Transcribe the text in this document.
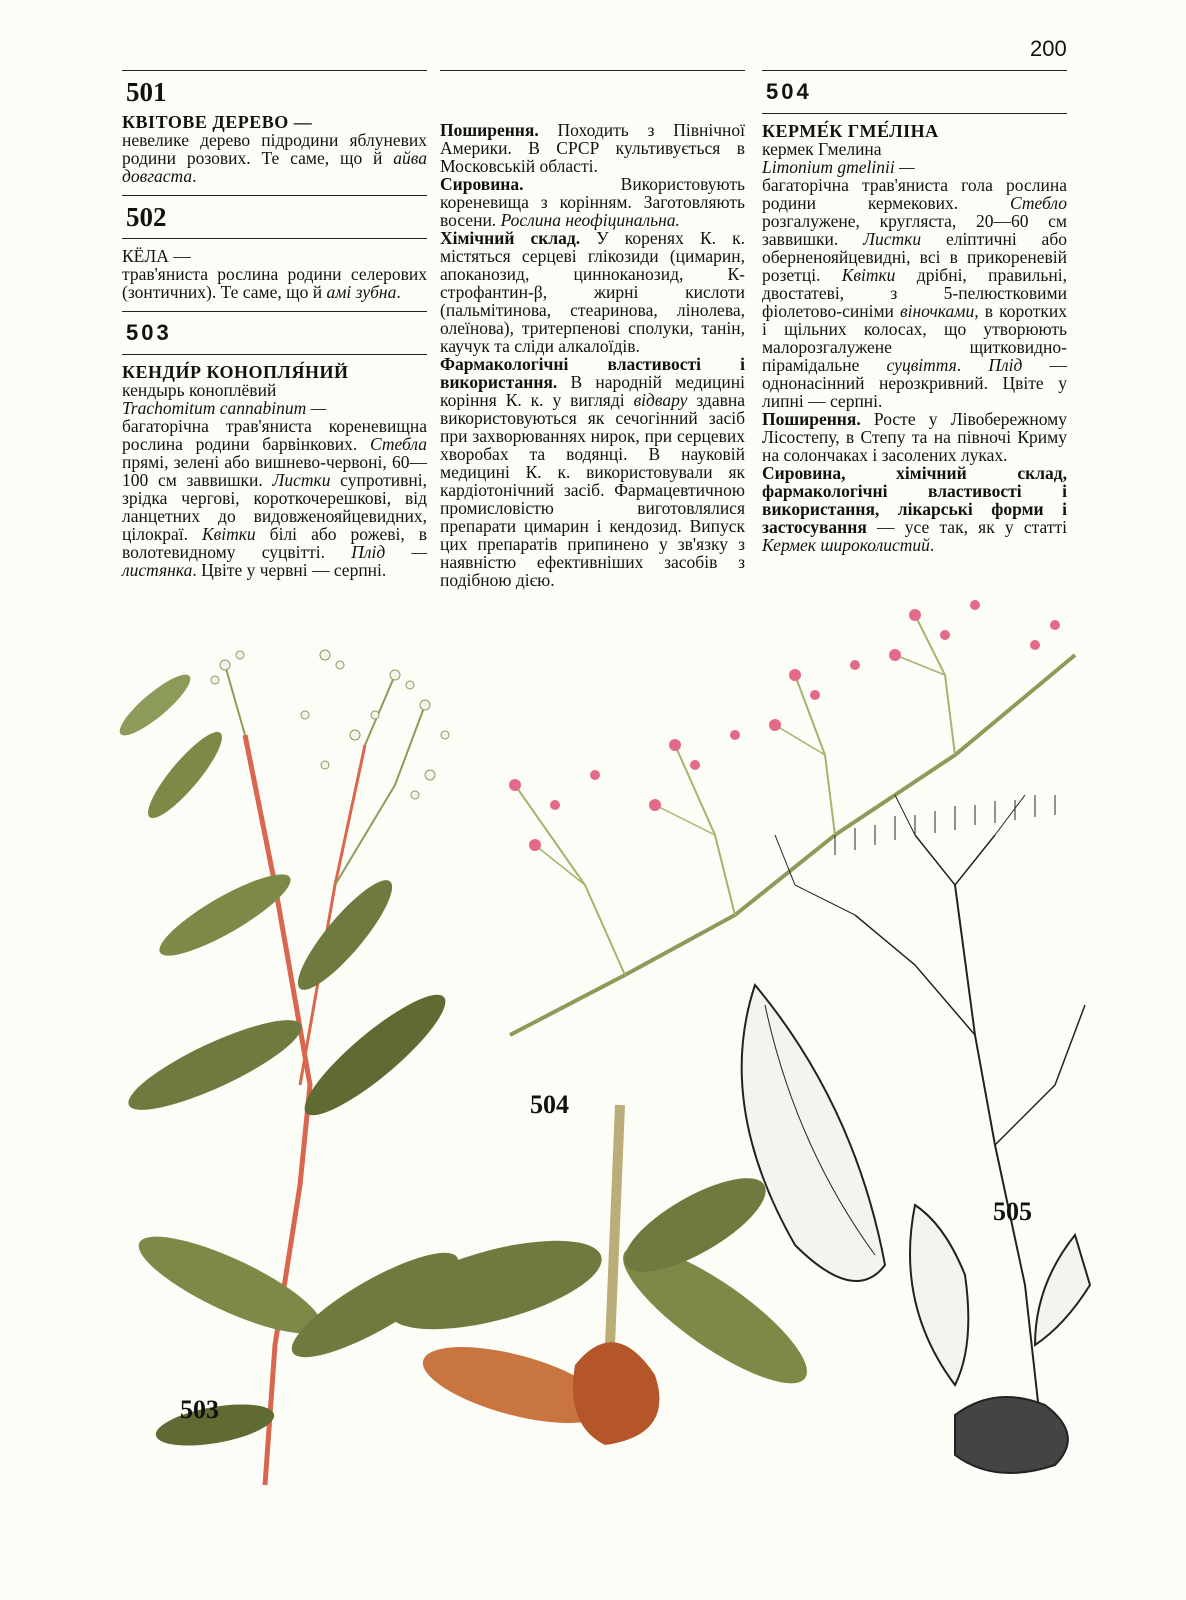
200
501

КВІТОВЕ ДЕРЕВО —

невелике дерево підродини яблуневих родини розових. Те саме, що й айва довгаста.

502

КЁЛА —

трав'яниста рослина родини селерових (зонтичних). Те саме, що й амі зубна.

503

КЕНДИ́Р КОНОПЛЯ́НИЙ

кендырь коноплёвий

Trachomitum cannabinum —

багаторічна трав'яниста кореневищна рослина родини барвінкових. Стебла прямі, зелені або вишнево-червоні, 60—100 см заввишки. Листки супротивні, зрідка чергові, короткочерешкові, від ланцетних до видовженояйцевидних, цілокраї. Квітки білі або рожеві, в волотевидному суцвітті. Плід — листянка. Цвіте у червні — серпні.

Поширення. Походить з Північної Америки. В СРСР культивується в Московській області.

Сировина. Використовують кореневища з корінням. Заготовляють восени. Рослина неофіцинальна.

Хімічний склад. У коренях К. к. містяться серцеві глікозиди (цимарин, апоканозид, цинноканозид, К-строфантин-β, жирні кислоти (пальмітинова, стеаринова, лінолева, олеїнова), тритерпенові сполуки, танін, каучук та сліди алкалоїдів.

Фармакологічні властивості і використання. В народній медицині коріння К. к. у вигляді відвару здавна використовуються як сечогінний засіб при захворюваннях нирок, при серцевих хворобах та водянці. В науковій медицині К. к. використовували як кардіотонічний засіб. Фармацевтичною промисловістю виготовлялися препарати цимарин і кендозид. Випуск цих препаратів припинено у зв'язку з наявністю ефективніших засобів з подібною дією.

504

КЕРМЕ́К ГМЕ́ЛІНА

кермек Гмелина

Limonium gmelinii —

багаторічна трав'яниста гола рослина родини кермекових. Стебло розгалужене, кругляста, 20—60 см заввишки. Листки еліптичні або оберненояйцевидні, всі в прикореневій розетці. Квітки дрібні, правильні, двостатеві, з 5-пелюстковими фіолетово-синіми віночками, в коротких і щільних колосах, що утворюють малорозгалужене щитковидно-пірамідальне суцвіття. Плід — однонасінний нерозкривний. Цвіте у липні — серпні.

Поширення. Росте у Лівобережному Лісостепу, в Степу та на півночі Криму на солончаках і засолених луках.

Сировина, хімічний склад, фармакологічні властивості і використання, лікарські форми і застосування — усе так, як у статті Кермек широколистий.

503
504
505
